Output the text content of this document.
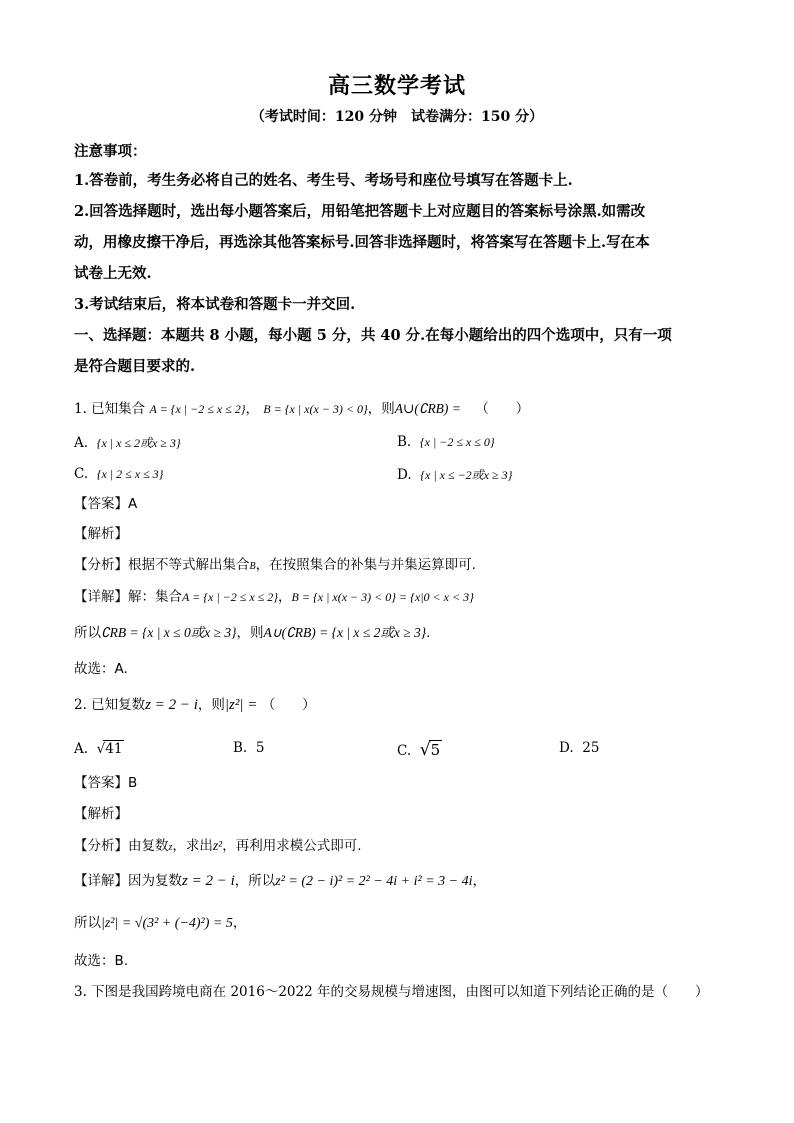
高三数学考试
（考试时间：120 分钟　试卷满分：150 分）
注意事项：
1.答卷前，考生务必将自己的姓名、考生号、考场号和座位号填写在答题卡上.
2.回答选择题时，选出每小题答案后，用铅笔把答题卡上对应题目的答案标号涂黑.如需改
动，用橡皮擦干净后，再选涂其他答案标号.回答非选择题时，将答案写在答题卡上.写在本
试卷上无效.
3.考试结束后，将本试卷和答题卡一并交回.
一、选择题：本题共 8 小题，每小题 5 分，共 40 分.在每小题给出的四个选项中，只有一项
是符合题目要求的.
1. 已知集合 A = {x | −2 ≤ x ≤ 2}， B = {x | x(x − 3) < 0}，则A∪(∁RB) = （　　）
A. {x | x ≤ 2或x ≥ 3}	B. {x | −2 ≤ x ≤ 0}
C. {x | 2 ≤ x ≤ 3}	D. {x | x ≤ −2或x ≥ 3}
【答案】A
【解析】
【分析】根据不等式解出集合B，在按照集合的补集与并集运算即可.
【详解】解：集合A = {x | −2 ≤ x ≤ 2}，B = {x | x(x − 3) < 0} = {x|0 < x < 3}
所以∁RB = {x | x ≤ 0或x ≥ 3}，则A∪(∁RB) = {x | x ≤ 2或x ≥ 3}.
故选：A.
2. 已知复数z = 2 − i，则|z²| = （　　）
A. √41	B. 5	C. √5	D. 25
【答案】B
【解析】
【分析】由复数z，求出z²，再利用求模公式即可.
【详解】因为复数z = 2 − i，所以z² = (2 − i)² = 2² − 4i + i² = 3 − 4i，
所以|z²| = √(3² + (−4)²) = 5，
故选：B.
3. 下图是我国跨境电商在 2016～2022 年的交易规模与增速图，由图可以知道下列结论正确的是（　　）
